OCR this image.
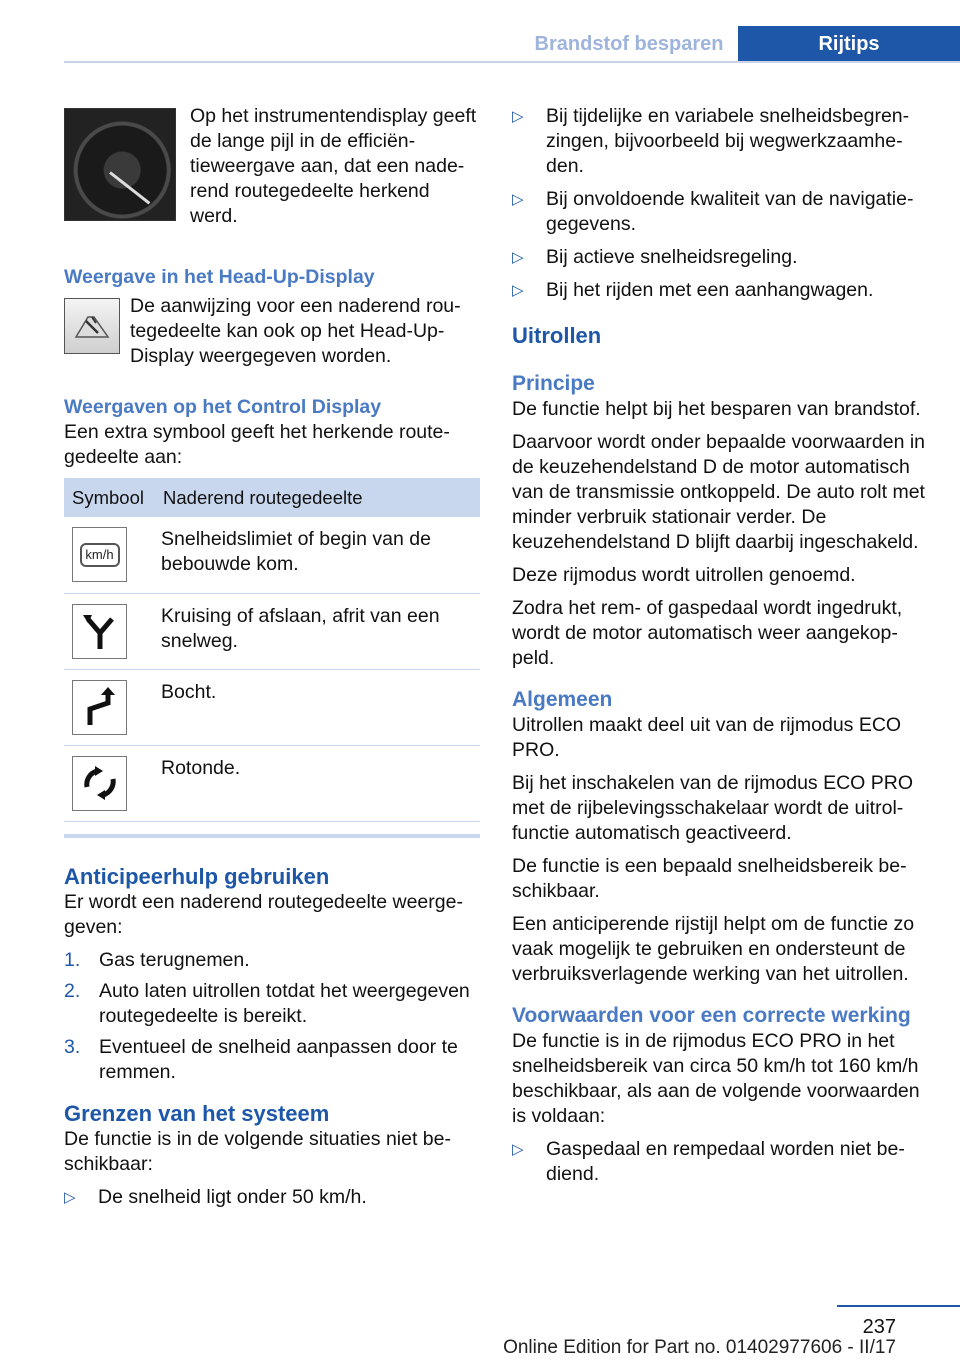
Brandstof besparen	Rijtips
Op het instrumentendisplay geeft de lange pijl in de efficiëntieweergave aan, dat een naderend routegedeelte herkend werd.
Weergave in het Head-Up-Display
De aanwijzing voor een naderend routegedeelte kan ook op het Head-Up-Display weergegeven worden.
Weergaven op het Control Display

Een extra symbool geeft het herkende routegedeelte aan:

Symbool	Naderend routegedeelte

km/h	Snelheidslimiet of begin van de bebouwde kom.

	Kruising of afslaan, afrit van een snelweg.

	Bocht.

	Rotonde.
Anticipeerhulp gebruiken

Er wordt een naderend routegedeelte weergegeven:

1. Gas terugnemen.
2. Auto laten uitrollen totdat het weergegeven routegedeelte is bereikt.
3. Eventueel de snelheid aanpassen door te remmen.
Grenzen van het systeem

De functie is in de volgende situaties niet beschikbaar:

▷	De snelheid ligt onder 50 km/h.
▷	Bij tijdelijke en variabele snelheidsbegrenzingen, bijvoorbeeld bij wegwerkzaamheden.
▷	Bij onvoldoende kwaliteit van de navigatiegegevens.
▷	Bij actieve snelheidsregeling.
▷	Bij het rijden met een aanhangwagen.
Uitrollen
Principe

De functie helpt bij het besparen van brandstof.

Daarvoor wordt onder bepaalde voorwaarden in de keuzehendelstand D de motor automatisch van de transmissie ontkoppeld. De auto rolt met minder verbruik stationair verder. De keuzehendelstand D blijft daarbij ingeschakeld.

Deze rijmodus wordt uitrollen genoemd.

Zodra het rem- of gaspedaal wordt ingedrukt, wordt de motor automatisch weer aangekoppeld.

Algemeen

Uitrollen maakt deel uit van de rijmodus ECO PRO.

Bij het inschakelen van de rijmodus ECO PRO met de rijbelevingsschakelaar wordt de uitrolfunctie automatisch geactiveerd.

De functie is een bepaald snelheidsbereik beschikbaar.

Een anticiperende rijstijl helpt om de functie zo vaak mogelijk te gebruiken en ondersteunt de verbruiksverlagende werking van het uitrollen.

Voorwaarden voor een correcte werking

De functie is in de rijmodus ECO PRO in het snelheidsbereik van circa 50 km/h tot 160 km/h beschikbaar, als aan de volgende voorwaarden is voldaan:

▷	Gaspedaal en rempedaal worden niet bediend.
237
Online Edition for Part no. 01402977606 - II/17
